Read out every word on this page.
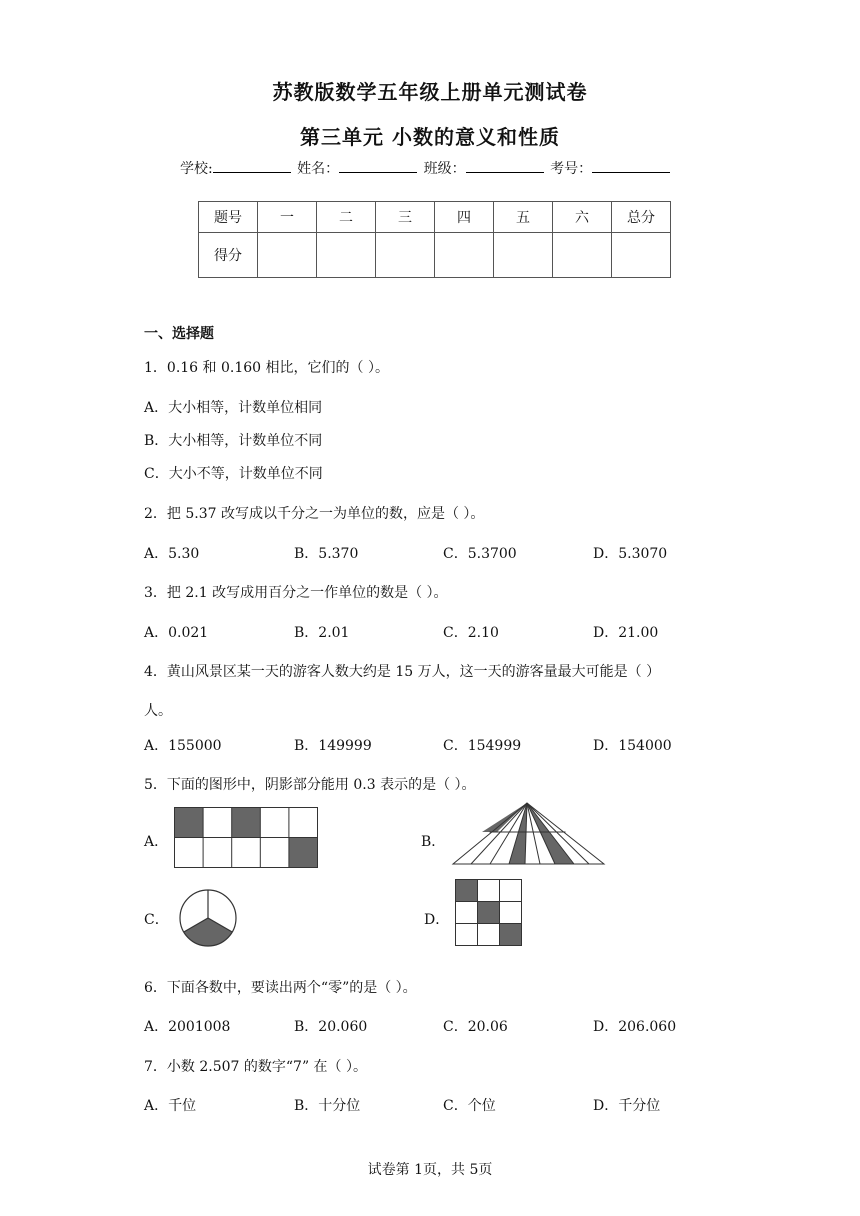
苏教版数学五年级上册单元测试卷
第三单元 小数的意义和性质
学校:	姓名：	班级：	考号：
题号	一	二	三	四	五	六	总分
得分							
一、选择题
1．0.16 和 0.160 相比，它们的（ ）。
A．大小相等，计数单位相同
B．大小相等，计数单位不同
C．大小不等，计数单位不同
2．把 5.37 改写成以千分之一为单位的数，应是（ ）。
A．5.30	B．5.370	C．5.3700	D．5.3070
3．把 2.1 改写成用百分之一作单位的数是（ ）。
A．0.021	B．2.01	C．2.10	D．21.00
4．黄山风景区某一天的游客人数大约是 15 万人，这一天的游客量最大可能是（ ）
人。
A．155000	B．149999	C．154999	D．154000
5．下面的图形中，阴影部分能用 0.3 表示的是（ ）。
A．	B．
C．	D．
6．下面各数中，要读出两个“零”的是（ ）。
A．2001008	B．20.060	C．20.06	D．206.060
7．小数 2.507 的数字“7” 在（ ）。
A．千位	B．十分位	C．个位	D．千分位
试卷第 1页，共 5页
